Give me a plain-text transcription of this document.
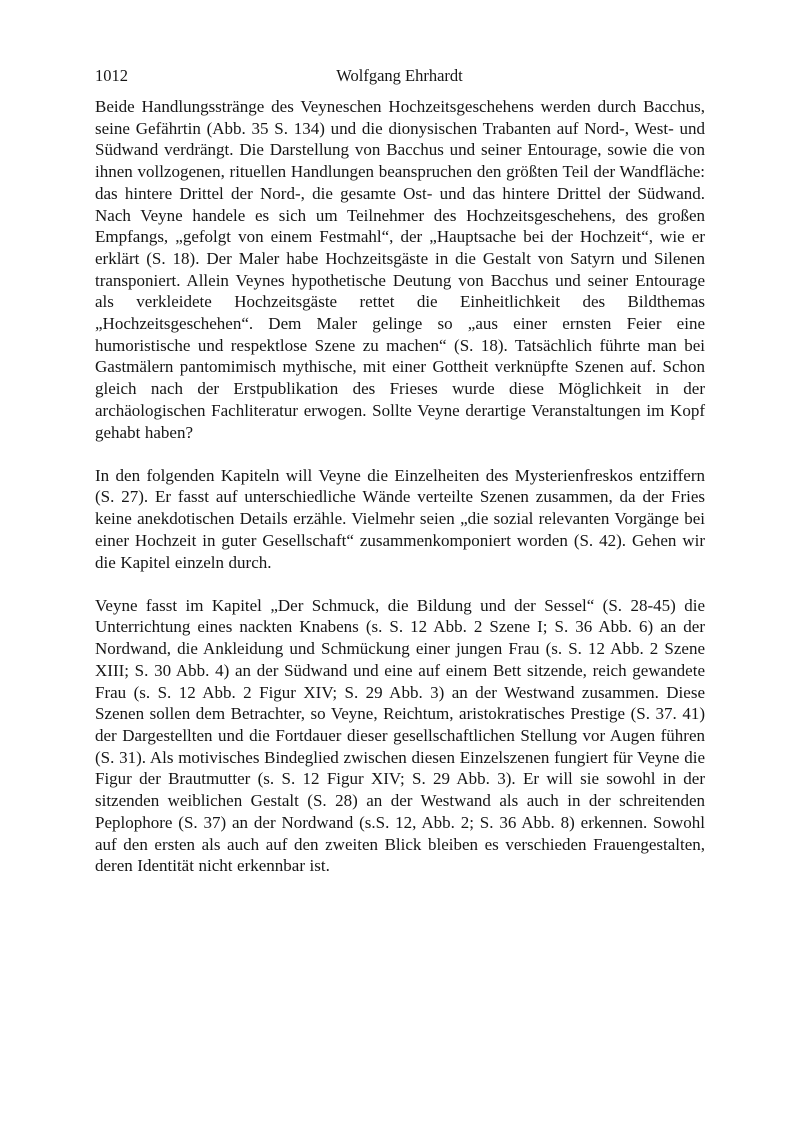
1012	Wolfgang Ehrhardt

Beide Handlungsstränge des Veyneschen Hochzeitsgeschehens werden durch Bacchus, seine Gefährtin (Abb. 35 S. 134) und die dionysischen Trabanten auf Nord-, West- und Südwand verdrängt. Die Darstellung von Bacchus und seiner Entourage, sowie die von ihnen vollzogenen, rituellen Handlungen beanspruchen den größten Teil der Wandfläche: das hintere Drittel der Nord-, die gesamte Ost- und das hintere Drittel der Südwand. Nach Veyne handele es sich um Teilnehmer des Hochzeitsgeschehens, des großen Empfangs, „gefolgt von einem Festmahl“, der „Hauptsache bei der Hochzeit“, wie er erklärt (S. 18). Der Maler habe Hochzeitsgäste in die Gestalt von Satyrn und Silenen transponiert. Allein Veynes hypothetische Deutung von Bacchus und seiner Entourage als verkleidete Hochzeitsgäste rettet die Einheitlichkeit des Bildthemas „Hochzeitsgeschehen“. Dem Maler gelinge so „aus einer ernsten Feier eine humoristische und respektlose Szene zu machen“ (S. 18). Tatsächlich führte man bei Gastmälern pantomimisch mythische, mit einer Gottheit verknüpfte Szenen auf. Schon gleich nach der Erstpublikation des Frieses wurde diese Möglichkeit in der archäologischen Fachliteratur erwogen. Sollte Veyne derartige Veranstaltungen im Kopf gehabt haben?

In den folgenden Kapiteln will Veyne die Einzelheiten des Mysterienfreskos entziffern (S. 27). Er fasst auf unterschiedliche Wände verteilte Szenen zusammen, da der Fries keine anekdotischen Details erzähle. Vielmehr seien „die sozial relevanten Vorgänge bei einer Hochzeit in guter Gesellschaft“ zusammenkomponiert worden (S. 42). Gehen wir die Kapitel einzeln durch.

Veyne fasst im Kapitel „Der Schmuck, die Bildung und der Sessel“ (S. 28-45) die Unterrichtung eines nackten Knabens (s. S. 12 Abb. 2 Szene I; S. 36 Abb. 6) an der Nordwand, die Ankleidung und Schmückung einer jungen Frau (s. S. 12 Abb. 2 Szene XIII; S. 30 Abb. 4) an der Südwand und eine auf einem Bett sitzende, reich gewandete Frau (s. S. 12 Abb. 2 Figur XIV; S. 29 Abb. 3) an der Westwand zusammen. Diese Szenen sollen dem Betrachter, so Veyne, Reichtum, aristokratisches Prestige (S. 37. 41) der Dargestellten und die Fortdauer dieser gesellschaftlichen Stellung vor Augen führen (S. 31). Als motivisches Bindeglied zwischen diesen Einzelszenen fungiert für Veyne die Figur der Brautmutter (s. S. 12 Figur XIV; S. 29 Abb. 3). Er will sie sowohl in der sitzenden weiblichen Gestalt (S. 28) an der Westwand als auch in der schreitenden Peplophore (S. 37) an der Nordwand (s.S. 12, Abb. 2; S. 36 Abb. 8) erkennen. Sowohl auf den ersten als auch auf den zweiten Blick bleiben es verschieden Frauengestalten, deren Identität nicht erkennbar ist.
